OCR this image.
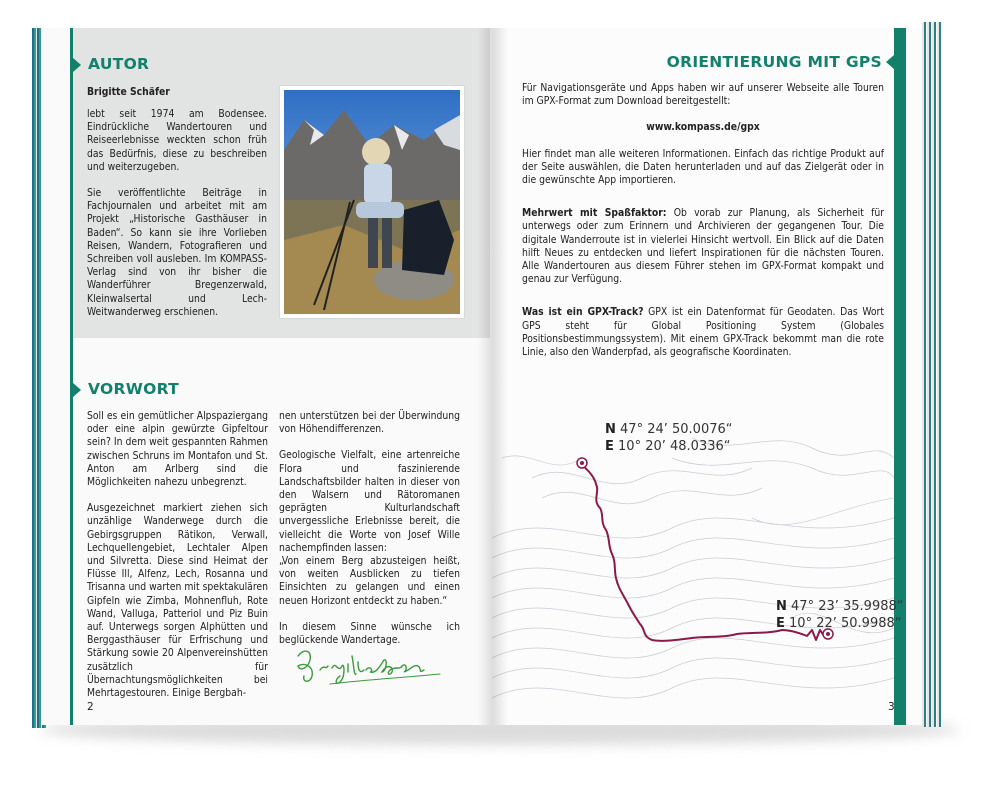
AUTOR
Brigitte Schäfer

lebt seit 1974 am Bodensee. Eindrückliche Wandertouren und Reiseerlebnisse weckten schon früh das Bedürfnis, diese zu beschreiben und weiterzugeben.

Sie veröffentlichte Beiträge in Fachjournalen und arbeitet mit am Projekt „Historische Gasthäuser in Baden“. So kann sie ihre Vorlieben Reisen, Wandern, Fotografieren und Schreiben voll ausleben. Im KOMPASS-Verlag sind von ihr bisher die Wanderführer Bregenzerwald, Kleinwalsertal und Lech-Weitwanderweg erschienen.

VORWORT

Soll es ein gemütlicher Alpspaziergang oder eine alpin gewürzte Gipfeltour sein? In dem weit gespannten Rahmen zwischen Schruns im Montafon und St. Anton am Arlberg sind die Möglichkeiten nahezu unbegrenzt.

Ausgezeichnet markiert ziehen sich unzählige Wanderwege durch die Gebirgsgruppen Rätikon, Verwall, Lechquellengebiet, Lechtaler Alpen und Silvretta. Diese sind Heimat der Flüsse Ill, Alfenz, Lech, Rosanna und Trisanna und warten mit spektakulären Gipfeln wie Zimba, Mohnenfluh, Rote Wand, Valluga, Patteriol und Piz Buin auf. Unterwegs sorgen Alphütten und Berggasthäuser für Erfrischung und Stärkung sowie 20 Alpenvereinshütten zusätzlich für Übernachtungsmöglichkeiten bei Mehrtagestouren. Einige Bergbah-

nen unterstützen bei der Überwindung von Höhendifferenzen.

Geologische Vielfalt, eine artenreiche Flora und faszinierende Landschaftsbilder halten in dieser von den Walsern und Rätoromanen geprägten Kulturlandschaft unvergessliche Erlebnisse bereit, die vielleicht die Worte von Josef Wille nachempfinden lassen:

„Von einem Berg abzusteigen heißt, von weiten Ausblicken zu tiefen Einsichten zu gelangen und einen neuen Horizont entdeckt zu haben.“

In diesem Sinne wünsche ich beglückende Wandertage.

2
ORIENTIERUNG MIT GPS

Für Navigationsgeräte und Apps haben wir auf unserer Webseite alle Touren im GPX-Format zum Download bereitgestellt:

www.kompass.de/gpx

Hier findet man alle weiteren Informationen. Einfach das richtige Produkt auf der Seite auswählen, die Daten herunterladen und auf das Zielgerät oder in die gewünschte App importieren.

Mehrwert mit Spaßfaktor: Ob vorab zur Planung, als Sicherheit für unterwegs oder zum Erinnern und Archivieren der gegangenen Tour. Die digitale Wanderroute ist in vielerlei Hinsicht wertvoll. Ein Blick auf die Daten hilft Neues zu entdecken und liefert Inspirationen für die nächsten Touren. Alle Wandertouren aus diesem Führer stehen im GPX-Format kompakt und genau zur Verfügung.

Was ist ein GPX-Track? GPX ist ein Datenformat für Geodaten. Das Wort GPS steht für Global Positioning System (Globales Positionsbestimmungssystem). Mit einem GPX-Track bekommt man die rote Linie, also den Wanderpfad, als geografische Koordinaten.

N 47° 24’ 50.0076“
E 10° 20’ 48.0336“
N 47° 23’ 35.9988“
E 10° 22’ 50.9988“
3
